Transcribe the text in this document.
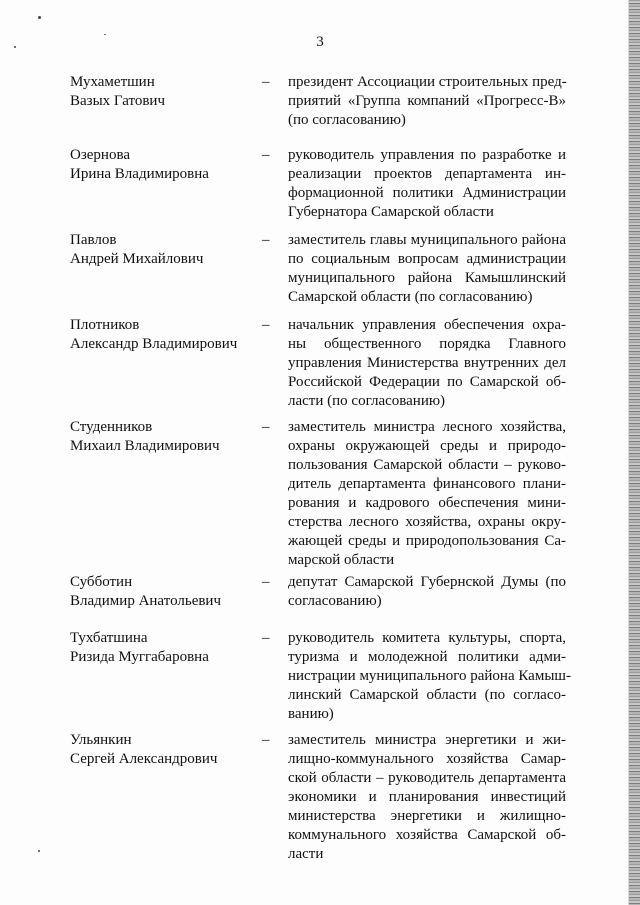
3
Мухаметшин
Вазых Гатович
– президент Ассоциации строительных пред-
приятий «Группа компаний «Прогресс-В»
(по согласованию)
Озернова
Ирина Владимировна
– руководитель управления по разработке и
реализации проектов департамента ин-
формационной политики Администрации
Губернатора Самарской области
Павлов
Андрей Михайлович
– заместитель главы муниципального района
по социальным вопросам администрации
муниципального района Камышлинский
Самарской области (по согласованию)
Плотников
Александр Владимирович
– начальник управления обеспечения охра-
ны общественного порядка Главного
управления Министерства внутренних дел
Российской Федерации по Самарской об-
ласти (по согласованию)
Студенников
Михаил Владимирович
– заместитель министра лесного хозяйства,
охраны окружающей среды и природо-
пользования Самарской области – руково-
дитель департамента финансового плани-
рования и кадрового обеспечения мини-
стерства лесного хозяйства, охраны окру-
жающей среды и природопользования Са-
марской области
Субботин
Владимир Анатольевич
– депутат Самарской Губернской Думы (по
согласованию)
Тухбатшина
Ризида Муггабаровна
– руководитель комитета культуры, спорта,
туризма и молодежной политики адми-
нистрации муниципального района Камыш-
линский Самарской области (по согласо-
ванию)
Ульянкин
Сергей Александрович
– заместитель министра энергетики и жи-
лищно-коммунального хозяйства Самар-
ской области – руководитель департамента
экономики и планирования инвестиций
министерства энергетики и жилищно-
коммунального хозяйства Самарской об-
ласти
